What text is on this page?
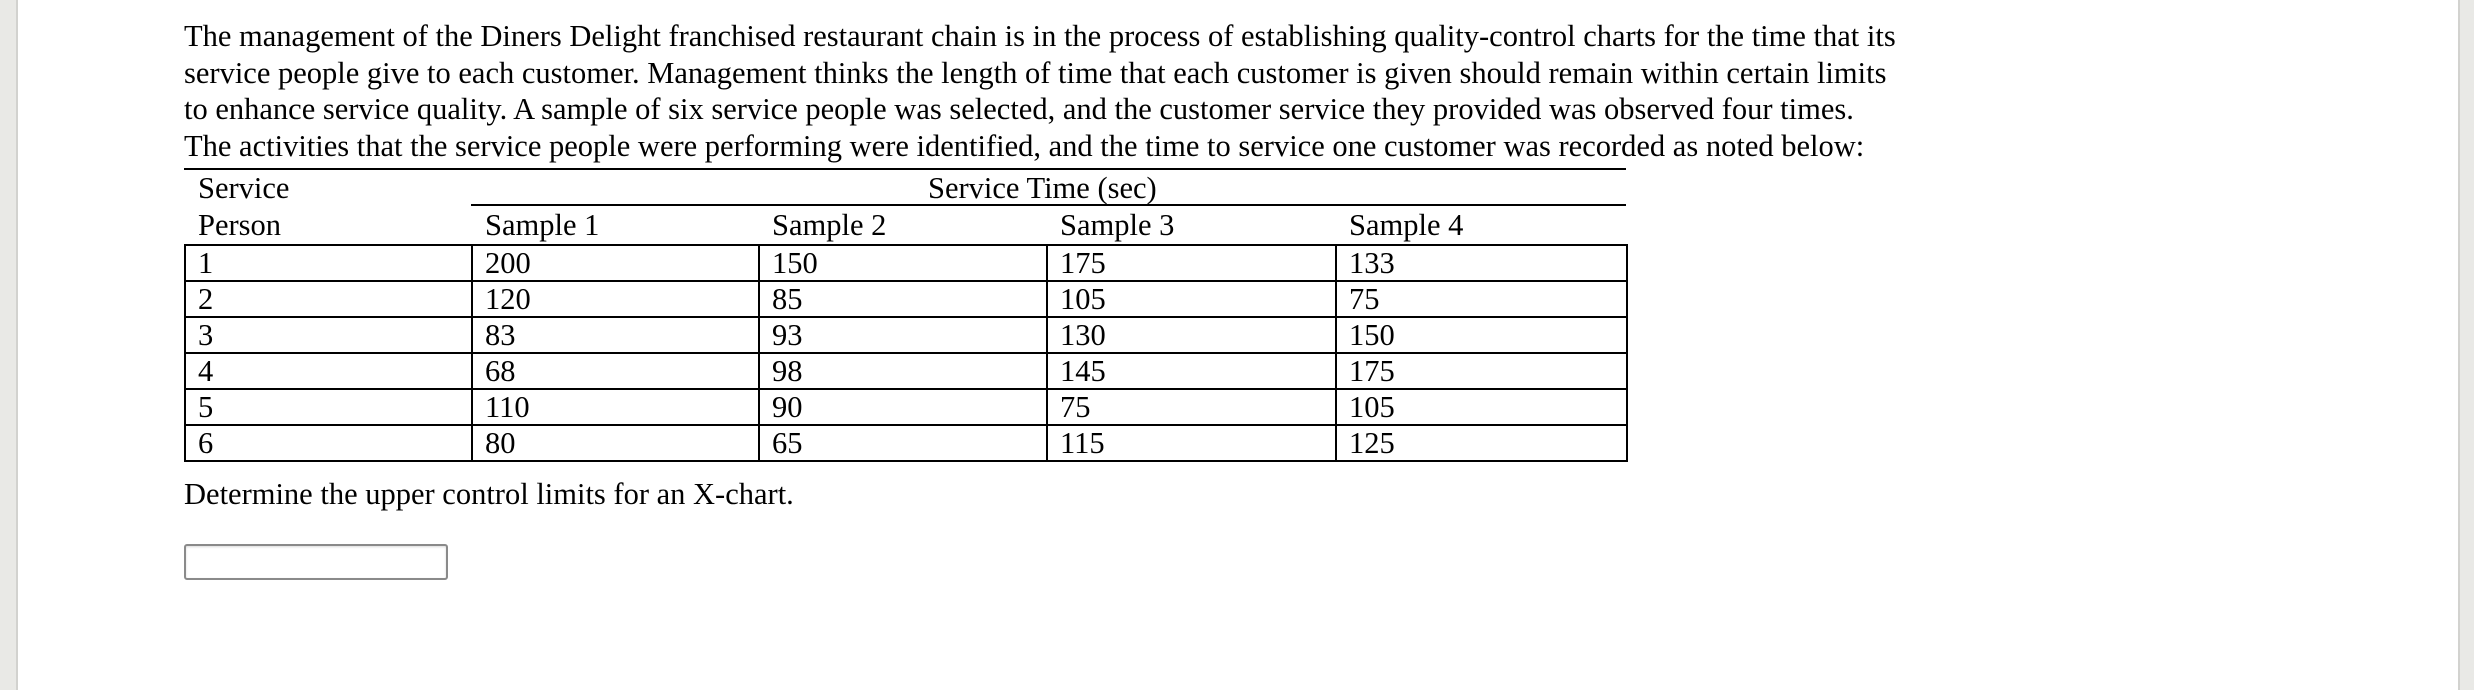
The management of the Diners Delight franchised restaurant chain is in the process of establishing quality-control charts for the time that its service people give to each customer. Management thinks the length of time that each customer is given should remain within certain limits to enhance service quality. A sample of six service people was selected, and the customer service they provided was observed four times. The activities that the service people were performing were identified, and the time to service one customer was recorded as noted below:

Service	Service Time (sec)
Person	Sample 1	Sample 2	Sample 3	Sample 4
1	200	150	175	133
2	120	85	105	75
3	83	93	130	150
4	68	98	145	175
5	110	90	75	105
6	80	65	115	125

Determine the upper control limits for an X-chart.
